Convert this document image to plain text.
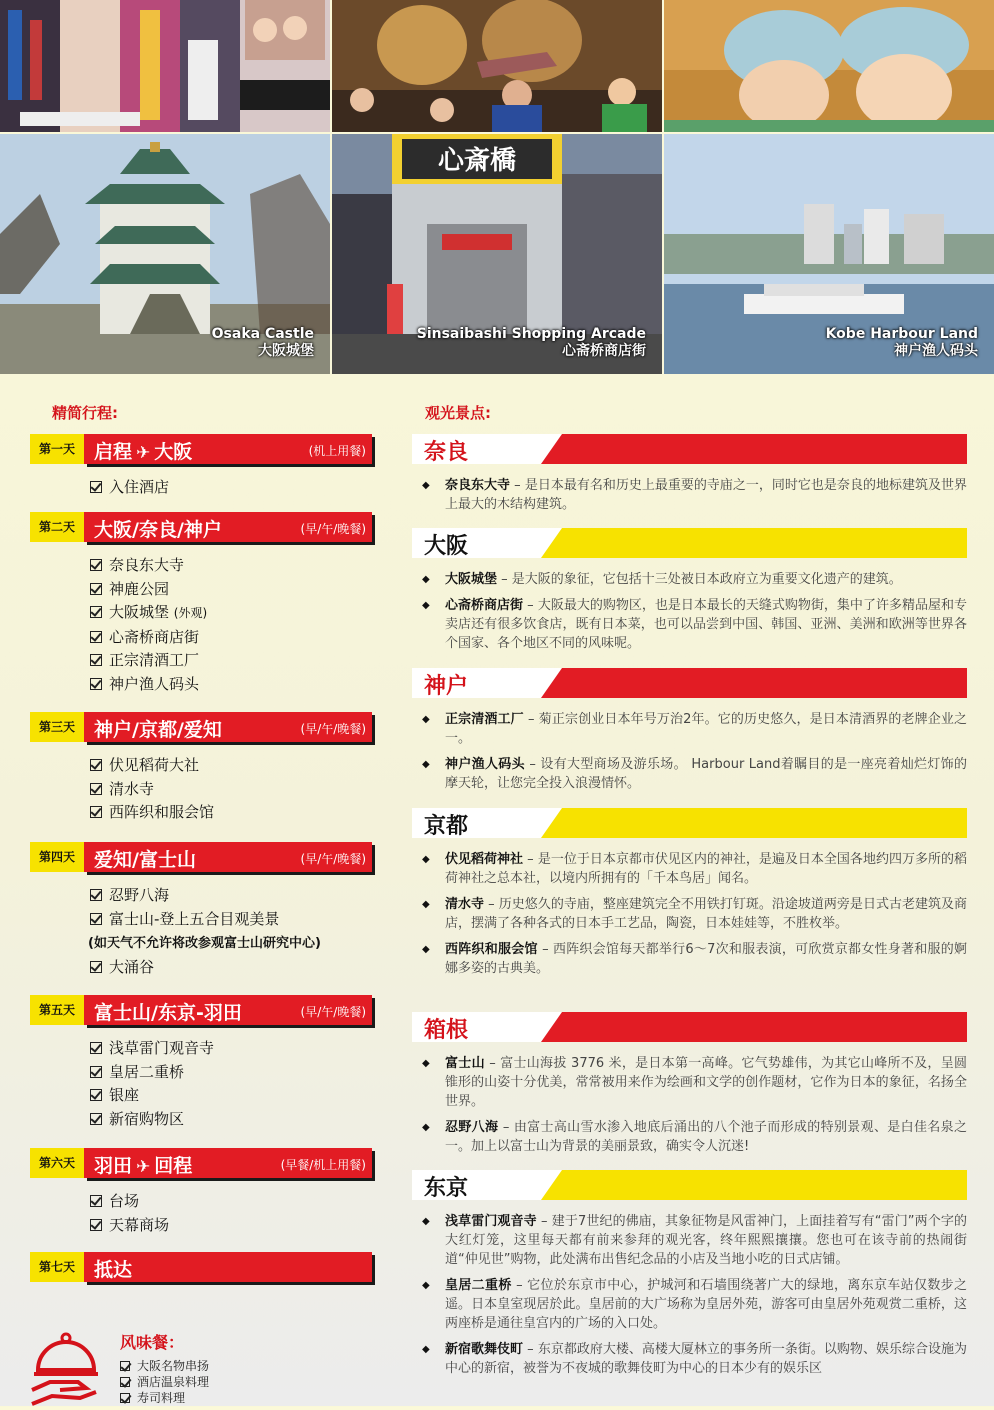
Osaka Castle
大阪城堡
心斎橋
Sinsaibashi Shopping Arcade
心斋桥商店街
Kobe Harbour Land
神户渔人码头
精简行程:	观光景点:
第一天	启程 ✈ 大阪	(机上用餐)
入住酒店
第二天	大阪/奈良/神户	(早/午/晚餐)
奈良东大寺
神鹿公园
大阪城堡 (外观)
心斋桥商店街
正宗清酒工厂
神户渔人码头
第三天	神户/京都/爱知	(早/午/晚餐)
伏见稻荷大社
清水寺
西阵织和服会馆
第四天	爱知/富士山	(早/午/晚餐)
忍野八海
富士山-登上五合目观美景
(如天气不允许将改参观富士山研究中心)
大涌谷
第五天	富士山/东京-羽田	(早/午/晚餐)
浅草雷门观音寺
皇居二重桥
银座
新宿购物区
第六天	羽田 ✈ 回程	(早餐/机上用餐)
台场
天幕商场
第七天	抵达
风味餐：
大阪名物串扬
酒店温泉料理
寿司料理
奈良
◆ 奈良东大寺 – 是日本最有名和历史上最重要的寺庙之一，同时它也是奈良的地标建筑及世界上最大的木结构建筑。
大阪
◆ 大阪城堡 – 是大阪的象征，它包括十三处被日本政府立为重要文化遗产的建筑。
◆ 心斋桥商店街 – 大阪最大的购物区，也是日本最长的天缝式购物街，集中了许多精品屋和专卖店还有很多饮食店，既有日本菜，也可以品尝到中国、韩国、亚洲、美洲和欧洲等世界各个国家、各个地区不同的风味呢。
神户
◆ 正宗清酒工厂 – 菊正宗创业日本年号万治2年。它的历史悠久，是日本清酒界的老牌企业之一。
◆ 神户渔人码头 – 设有大型商场及游乐场。 Harbour Land着瞩目的是一座亮着灿烂灯饰的摩天轮，让您完全投入浪漫情怀。
京都
◆ 伏见稻荷神社 – 是一位于日本京都市伏见区内的神社，是遍及日本全国各地约四万多所的稻荷神社之总本社，以境内所拥有的「千本鸟居」闻名。
◆ 清水寺 – 历史悠久的寺庙，整座建筑完全不用铁打钉斑。沿途坡道两旁是日式古老建筑及商店，摆满了各种各式的日本手工艺品，陶瓷，日本娃娃等，不胜枚举。
◆ 西阵织和服会馆 – 西阵织会馆每天都举行6～7次和服表演，可欣赏京都女性身著和服的婀娜多姿的古典美。
箱根
◆ 富士山 – 富士山海拔 3776 米，是日本第一高峰。它气势雄伟，为其它山峰所不及，呈圆锥形的山姿十分优美，常常被用来作为绘画和文学的创作题材，它作为日本的象征，名扬全世界。
◆ 忍野八海 – 由富士高山雪水渗入地底后涌出的八个池子而形成的特别景观、是白佳名泉之一。加上以富士山为背景的美丽景致，确实令人沉迷!
东京
◆ 浅草雷门观音寺 – 建于7世纪的佛庙，其象征物是风雷神门，上面挂着写有“雷门”两个字的大红灯笼，这里每天都有前来参拜的观光客，终年熙熙攘攘。您也可在该寺前的热闹街道“仲见世”购物，此处满布出售纪念品的小店及当地小吃的日式店铺。
◆ 皇居二重桥 – 它位於东京市中心，护城河和石墙围绕著广大的绿地，离东京车站仅数步之遥。日本皇室现居於此。皇居前的大广场称为皇居外苑，游客可由皇居外苑观赏二重桥，这两座桥是通往皇宫内的广场的入口处。
◆ 新宿歌舞伎町 – 东京都政府大楼、高楼大厦林立的事务所一条街。以购物、娱乐综合设施为中心的新宿，被誉为不夜城的歌舞伎町为中心的日本少有的娱乐区
